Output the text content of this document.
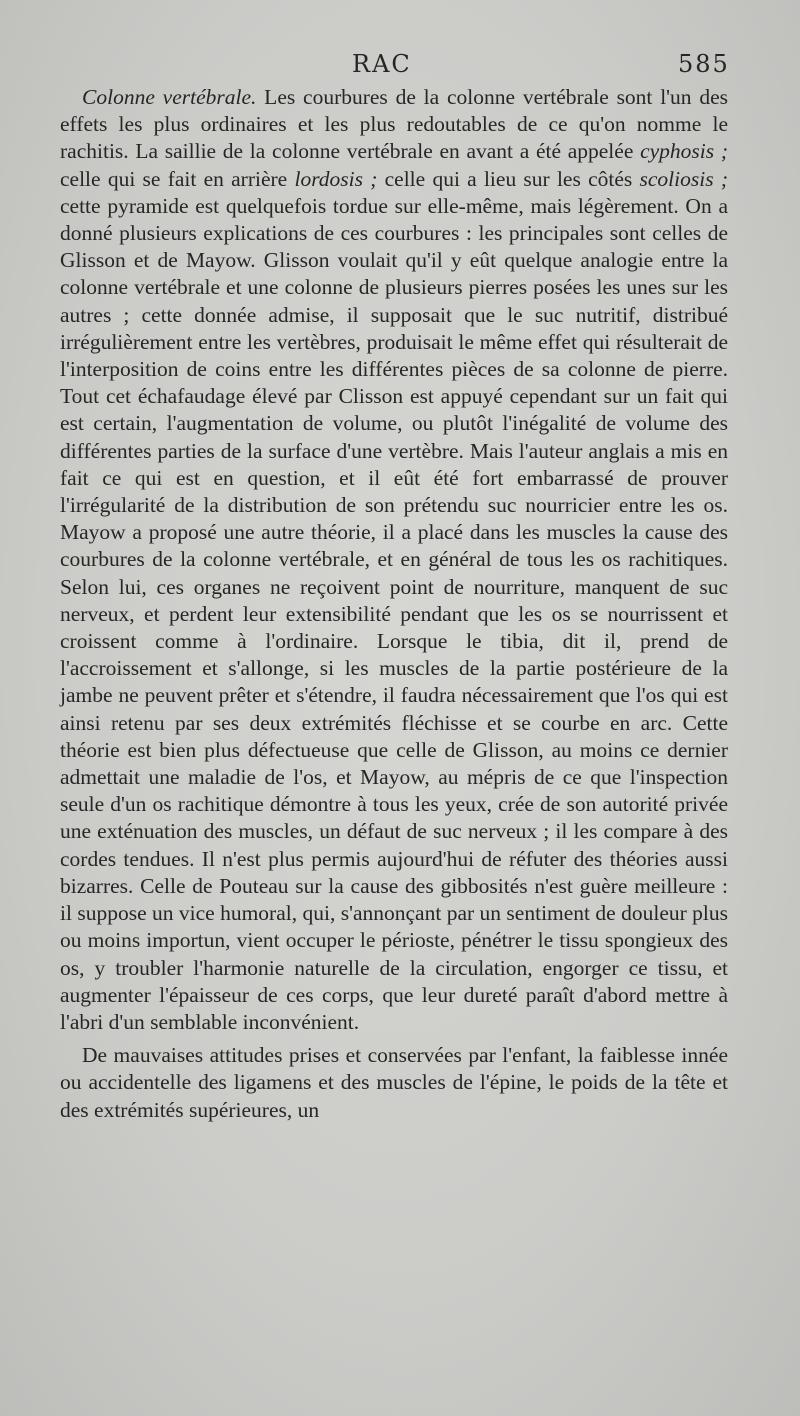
RAC	585

Colonne vertébrale. Les courbures de la colonne vertébrale sont l'un des effets les plus ordinaires et les plus redoutables de ce qu'on nomme le rachitis. La saillie de la colonne vertébrale en avant a été appelée cyphosis ; celle qui se fait en arrière lordosis ; celle qui a lieu sur les côtés scoliosis ; cette pyramide est quelquefois tordue sur elle-même, mais légèrement. On a donné plusieurs explications de ces courbures : les principales sont celles de Glisson et de Mayow. Glisson voulait qu'il y eût quelque analogie entre la colonne vertébrale et une colonne de plusieurs pierres posées les unes sur les autres ; cette donnée admise, il supposait que le suc nutritif, distribué irrégulièrement entre les vertèbres, produisait le même effet qui résulterait de l'interposition de coins entre les différentes pièces de sa colonne de pierre. Tout cet échafaudage élevé par Clisson est appuyé cependant sur un fait qui est certain, l'augmentation de volume, ou plutôt l'inégalité de volume des différentes parties de la surface d'une vertèbre. Mais l'auteur anglais a mis en fait ce qui est en question, et il eût été fort embarrassé de prouver l'irrégularité de la distribution de son prétendu suc nourricier entre les os. Mayow a proposé une autre théorie, il a placé dans les muscles la cause des courbures de la colonne vertébrale, et en général de tous les os rachitiques. Selon lui, ces organes ne reçoivent point de nourriture, manquent de suc nerveux, et perdent leur extensibilité pendant que les os se nourrissent et croissent comme à l'ordinaire. Lorsque le tibia, dit il, prend de l'accroissement et s'allonge, si les muscles de la partie postérieure de la jambe ne peuvent prêter et s'étendre, il faudra nécessairement que l'os qui est ainsi retenu par ses deux extrémités fléchisse et se courbe en arc. Cette théorie est bien plus défectueuse que celle de Glisson, au moins ce dernier admettait une maladie de l'os, et Mayow, au mépris de ce que l'inspection seule d'un os rachitique démontre à tous les yeux, crée de son autorité privée une exténuation des muscles, un défaut de suc nerveux ; il les compare à des cordes tendues. Il n'est plus permis aujourd'hui de réfuter des théories aussi bizarres. Celle de Pouteau sur la cause des gibbosités n'est guère meilleure : il suppose un vice humoral, qui, s'annonçant par un sentiment de douleur plus ou moins importun, vient occuper le périoste, pénétrer le tissu spongieux des os, y troubler l'harmonie naturelle de la circulation, engorger ce tissu, et augmenter l'épaisseur de ces corps, que leur dureté paraît d'abord mettre à l'abri d'un semblable inconvénient.

De mauvaises attitudes prises et conservées par l'enfant, la faiblesse innée ou accidentelle des ligamens et des muscles de l'épine, le poids de la tête et des extrémités supérieures, un
